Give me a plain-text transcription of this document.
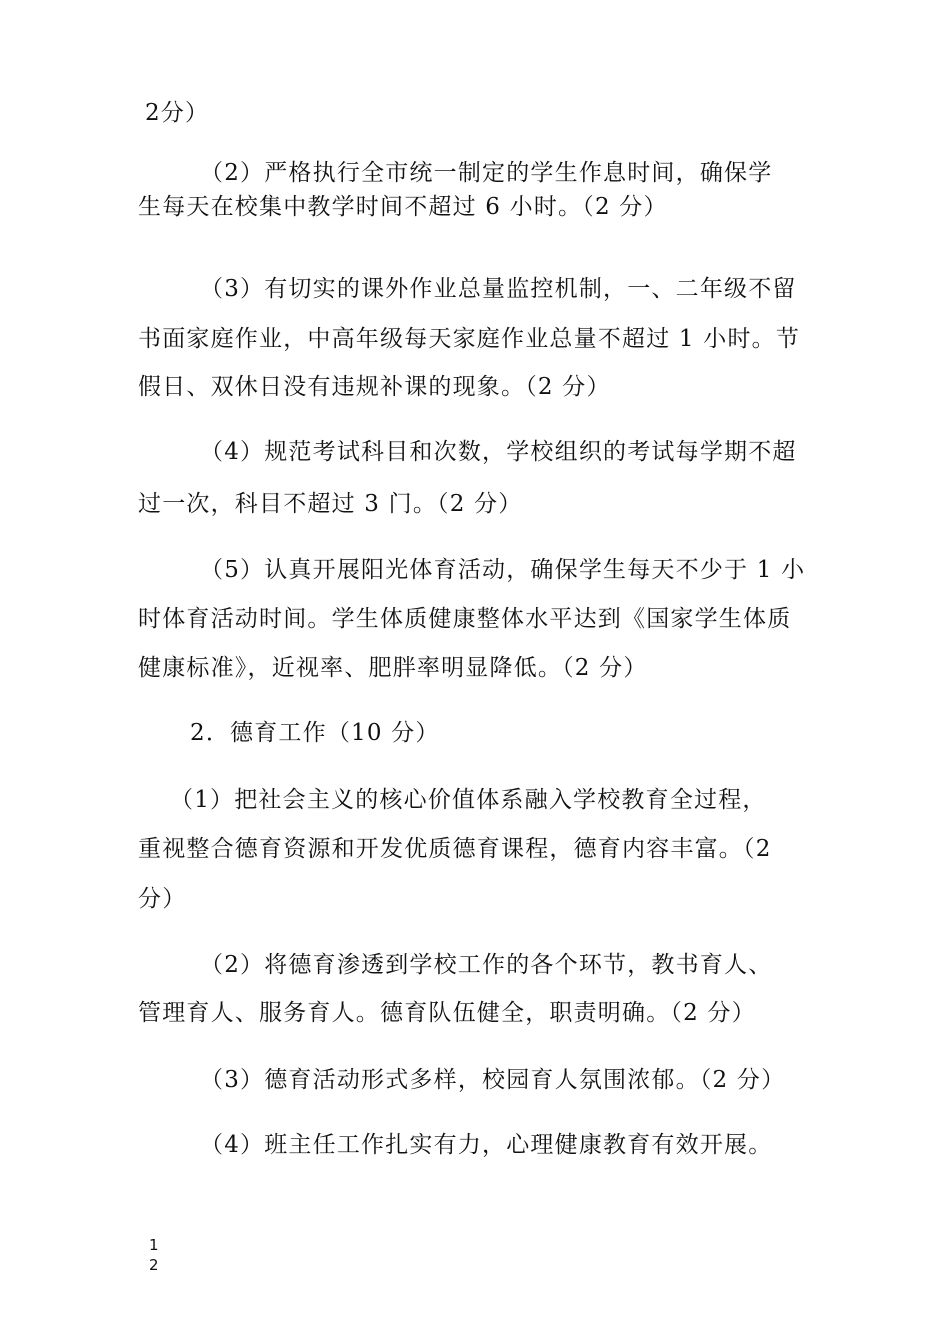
2分）
（2）严格执行全市统一制定的学生作息时间，确保学
生每天在校集中教学时间不超过 6 小时。（2 分）
（3）有切实的课外作业总量监控机制，一、二年级不留
书面家庭作业，中高年级每天家庭作业总量不超过 1 小时。节
假日、双休日没有违规补课的现象。（2 分）
（4）规范考试科目和次数，学校组织的考试每学期不超
过一次，科目不超过 3 门。（2 分）
（5）认真开展阳光体育活动，确保学生每天不少于 1 小
时体育活动时间。学生体质健康整体水平达到《国家学生体质
健康标准》，近视率、肥胖率明显降低。（2 分）
2．德育工作（10 分）
（1）把社会主义的核心价值体系融入学校教育全过程，
重视整合德育资源和开发优质德育课程，德育内容丰富。（2
分）
（2）将德育渗透到学校工作的各个环节，教书育人、
管理育人、服务育人。德育队伍健全，职责明确。（2 分）
（3）德育活动形式多样，校园育人氛围浓郁。（2 分）
（4）班主任工作扎实有力，心理健康教育有效开展。
1
2
